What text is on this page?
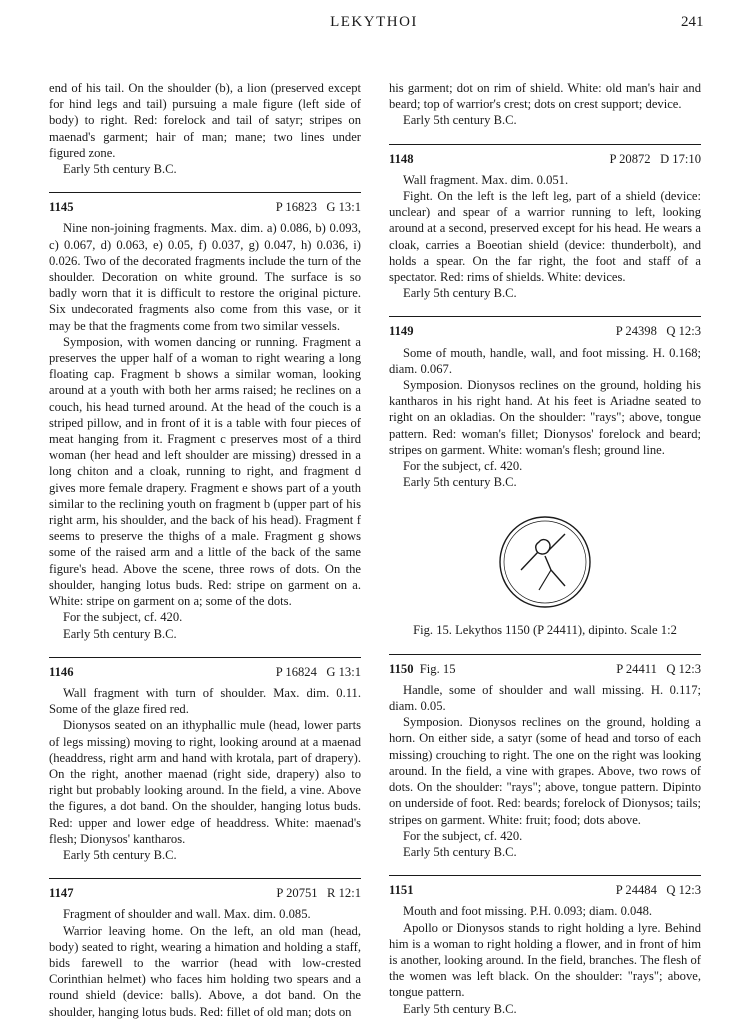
LEKYTHOI	241

end of his tail. On the shoulder (b), a lion (preserved except for hind legs and tail) pursuing a male figure (left side of body) to right. Red: forelock and tail of satyr; stripes on maenad's garment; hair of man; mane; two lines under figured zone.

Early 5th century B.C.

1145	P 16823 G 13:1

Nine non-joining fragments. Max. dim. a) 0.086, b) 0.093, c) 0.067, d) 0.063, e) 0.05, f) 0.037, g) 0.047, h) 0.036, i) 0.026. Two of the decorated fragments include the turn of the shoulder. Decoration on white ground. The surface is so badly worn that it is difficult to restore the original picture. Six undecorated fragments also come from this vase, or it may be that the fragments come from two similar vessels.

Symposion, with women dancing or running. Fragment a preserves the upper half of a woman to right wearing a long floating cap. Fragment b shows a similar woman, looking around at a youth with both her arms raised; he reclines on a couch, his head turned around. At the head of the couch is a striped pillow, and in front of it is a table with four pieces of meat hanging from it. Fragment c preserves most of a third woman (her head and left shoulder are missing) dressed in a long chiton and a cloak, running to right, and fragment d gives more female drapery. Fragment e shows part of a youth similar to the reclining youth on fragment b (upper part of his right arm, his shoulder, and the back of his head). Fragment f seems to preserve the thighs of a male. Fragment g shows some of the raised arm and a little of the back of the same figure's head. Above the scene, three rows of dots. On the shoulder, hanging lotus buds. Red: stripe on garment on a. White: stripe on garment on a; some of the dots.

For the subject, cf. 420.

Early 5th century B.C.

1146	P 16824 G 13:1

Wall fragment with turn of shoulder. Max. dim. 0.11. Some of the glaze fired red.

Dionysos seated on an ithyphallic mule (head, lower parts of legs missing) moving to right, looking around at a maenad (headdress, right arm and hand with krotala, part of drapery). On the right, another maenad (right side, drapery) also to right but probably looking around. In the field, a vine. Above the figures, a dot band. On the shoulder, hanging lotus buds. Red: upper and lower edge of headdress. White: maenad's flesh; Dionysos' kantharos.

Early 5th century B.C.

1147	P 20751 R 12:1

Fragment of shoulder and wall. Max. dim. 0.085.

Warrior leaving home. On the left, an old man (head, body) seated to right, wearing a himation and holding a staff, bids farewell to the warrior (head with low-crested Corinthian helmet) who faces him holding two spears and a round shield (device: balls). Above, a dot band. On the shoulder, hanging lotus buds. Red: fillet of old man; dots on

his garment; dot on rim of shield. White: old man's hair and beard; top of warrior's crest; dots on crest support; device.

Early 5th century B.C.

1148	P 20872 D 17:10

Wall fragment. Max. dim. 0.051.

Fight. On the left is the left leg, part of a shield (device: unclear) and spear of a warrior running to left, looking around at a second, preserved except for his head. He wears a cloak, carries a Boeotian shield (device: thunderbolt), and holds a spear. On the far right, the foot and staff of a spectator. Red: rims of shields. White: devices.

Early 5th century B.C.

1149	P 24398 Q 12:3

Some of mouth, handle, wall, and foot missing. H. 0.168; diam. 0.067.

Symposion. Dionysos reclines on the ground, holding his kantharos in his right hand. At his feet is Ariadne seated to right on an okladias. On the shoulder: "rays"; above, tongue pattern. Red: woman's fillet; Dionysos' forelock and beard; stripes on garment. White: woman's flesh; ground line.

For the subject, cf. 420.

Early 5th century B.C.

Fig. 15. Lekythos 1150 (P 24411), dipinto. Scale 1:2
1150 Fig. 15	P 24411 Q 12:3

Handle, some of shoulder and wall missing. H. 0.117; diam. 0.05.

Symposion. Dionysos reclines on the ground, holding a horn. On either side, a satyr (some of head and torso of each missing) crouching to right. The one on the right was looking around. In the field, a vine with grapes. Above, two rows of dots. On the shoulder: "rays"; above, tongue pattern. Dipinto on underside of foot. Red: beards; forelock of Dionysos; tails; stripes on garment. White: fruit; food; dots above.

For the subject, cf. 420.

Early 5th century B.C.

1151	P 24484 Q 12:3

Mouth and foot missing. P.H. 0.093; diam. 0.048.

Apollo or Dionysos stands to right holding a lyre. Behind him is a woman to right holding a flower, and in front of him is another, looking around. In the field, branches. The flesh of the women was left black. On the shoulder: "rays"; above, tongue pattern.

Early 5th century B.C.
